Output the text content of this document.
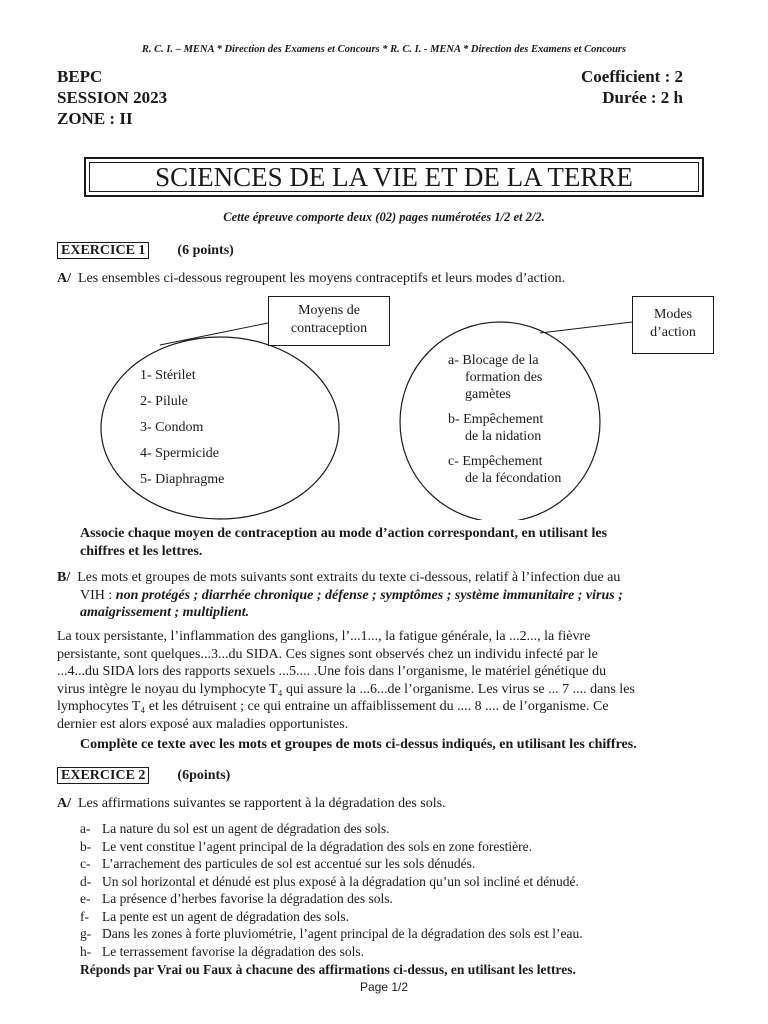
R. C. I. – MENA * Direction des Examens et Concours * R. C. I. - MENA * Direction des Examens et Concours
BEPC
SESSION 2023
ZONE : II
Coefficient : 2
Durée : 2 h
SCIENCES DE LA VIE ET DE LA TERRE
Cette épreuve comporte deux (02) pages numérotées 1/2 et 2/2.
EXERCICE 1 (6 points)
A/ Les ensembles ci-dessous regroupent les moyens contraceptifs et leurs modes d’action.
Moyens de
contraception
Modes
d’action
1- Stérilet
2- Pilule
3- Condom
4- Spermicide
5- Diaphragme
a- Blocage de la
formation des
gamètes
b- Empêchement
de la nidation
c- Empêchement
de la fécondation
Associe chaque moyen de contraception au mode d’action correspondant, en utilisant les
chiffres et les lettres.
B/ Les mots et groupes de mots suivants sont extraits du texte ci-dessous, relatif à l’infection due au
VIH : non protégés ; diarrhée chronique ; défense ; symptômes ; système immunitaire ; virus ;
amaigrissement ; multiplient.
La toux persistante, l’inflammation des ganglions, l’...1..., la fatigue générale, la ...2..., la fièvre
persistante, sont quelques...3...du SIDA. Ces signes sont observés chez un individu infecté par le
...4...du SIDA lors des rapports sexuels ...5.... .Une fois dans l’organisme, le matériel génétique du
virus intègre le noyau du lymphocyte T₄ qui assure la ...6...de l’organisme. Les virus se ... 7 .... dans les
lymphocytes T₄ et les détruisent ; ce qui entraine un affaiblissement du .... 8 .... de l’organisme. Ce
dernier est alors exposé aux maladies opportunistes.
Complète ce texte avec les mots et groupes de mots ci-dessus indiqués, en utilisant les chiffres.
EXERCICE 2 (6points)
A/ Les affirmations suivantes se rapportent à la dégradation des sols.
a- La nature du sol est un agent de dégradation des sols.
b- Le vent constitue l’agent principal de la dégradation des sols en zone forestière.
c- L’arrachement des particules de sol est accentué sur les sols dénudés.
d- Un sol horizontal et dénudé est plus exposé à la dégradation qu’un sol incliné et dénudé.
e- La présence d’herbes favorise la dégradation des sols.
f- La pente est un agent de dégradation des sols.
g- Dans les zones à forte pluviométrie, l’agent principal de la dégradation des sols est l’eau.
h- Le terrassement favorise la dégradation des sols.
Réponds par Vrai ou Faux à chacune des affirmations ci-dessus, en utilisant les lettres.
Page 1/2
